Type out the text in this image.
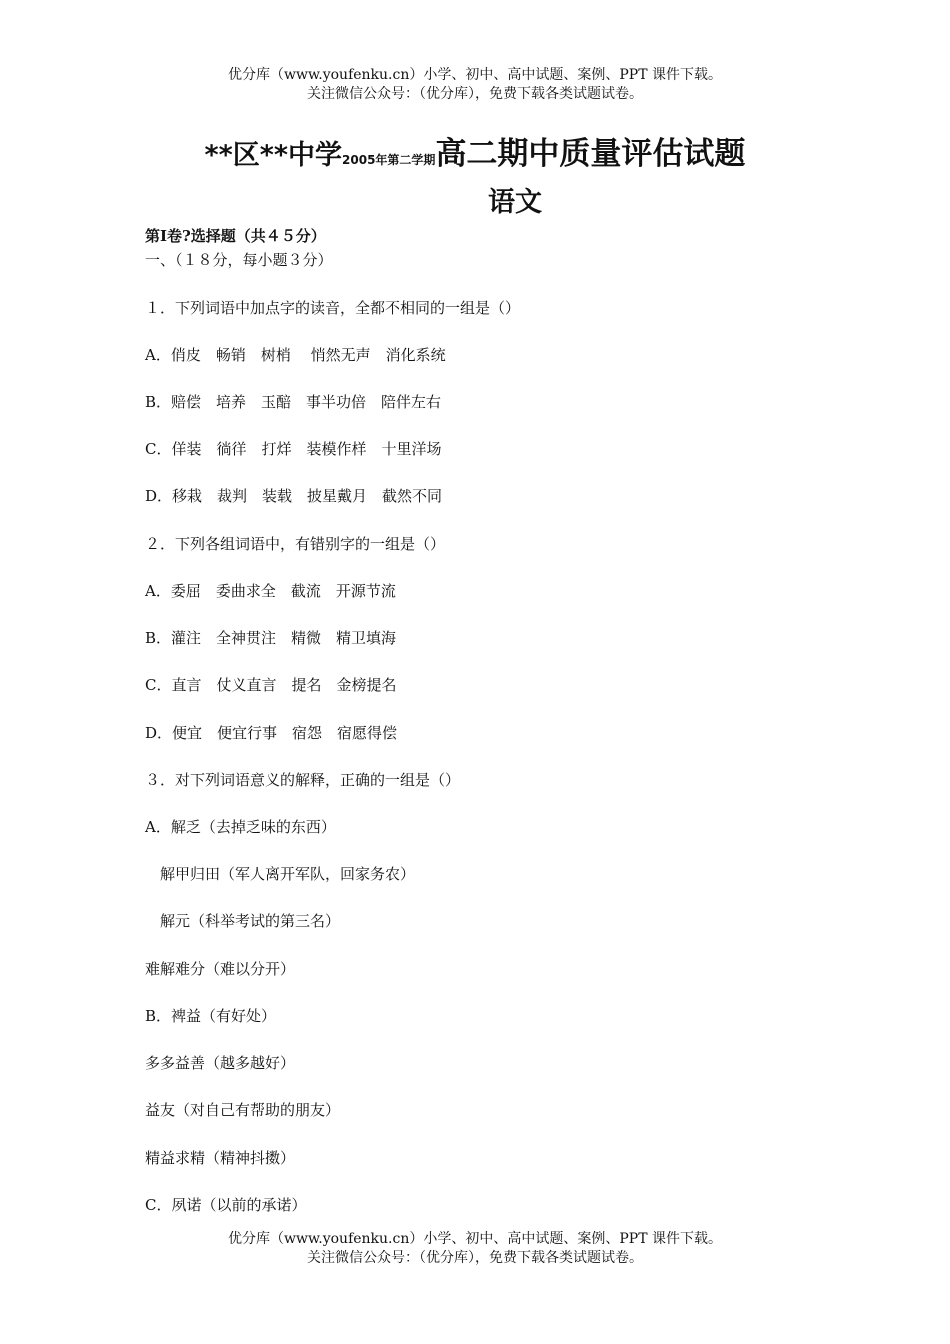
优分库（www.youfenku.cn）小学、初中、高中试题、案例、PPT 课件下载。
关注微信公众号：（优分库），免费下载各类试题试卷。
**区**中学2005年第二学期高二期中质量评估试题
语文
第Ⅰ卷?选择题（共４５分）
一、（１８分，每小题３分）
１．下列词语中加点字的读音，全都不相同的一组是（）
A．俏皮　畅销　树梢　 悄然无声　消化系统
B．赔偿　培养　玉醅　事半功倍　陪伴左右
C．佯装　徜徉　打烊　装模作样　十里洋场
D．移栽　裁判　装载　披星戴月　截然不同
２．下列各组词语中，有错别字的一组是（）
A．委屈　委曲求全　截流　开源节流
B．灌注　全神贯注　精微　精卫填海
C．直言　仗义直言　提名　金榜提名
D．便宜　便宜行事　宿怨　宿愿得偿
３．对下列词语意义的解释，正确的一组是（）
A．解乏（去掉乏味的东西）
　解甲归田（军人离开军队，回家务农）
　解元（科举考试的第三名）
难解难分（难以分开）
B．裨益（有好处）
多多益善（越多越好）
益友（对自己有帮助的朋友）
精益求精（精神抖擞）
C．夙诺（以前的承诺）
优分库（www.youfenku.cn）小学、初中、高中试题、案例、PPT 课件下载。
关注微信公众号：（优分库），免费下载各类试题试卷。
